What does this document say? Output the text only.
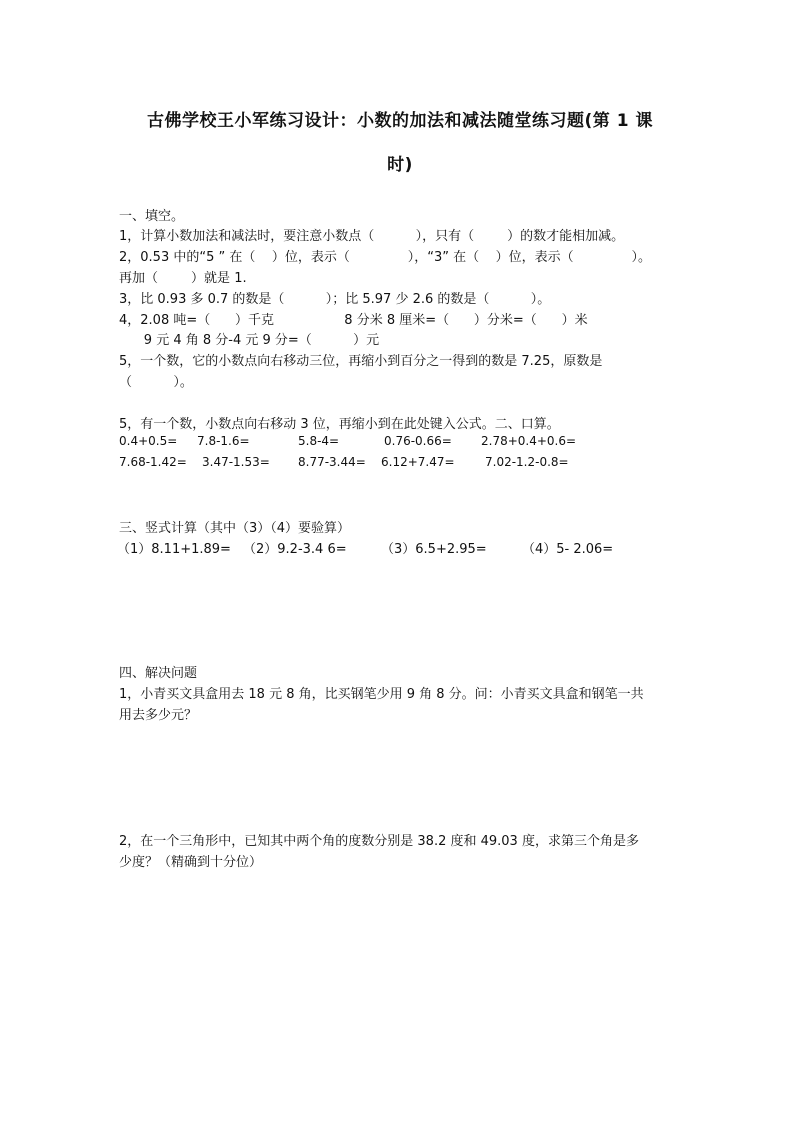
古佛学校王小军练习设计：小数的加法和减法随堂练习题(第 1 课
时)
一、填空。
1，计算小数加法和减法时，要注意小数点（          ），只有（        ）的数才能相加减。
2，0.53 中的“5 ” 在（    ）位，表示（              ），“3” 在（    ）位，表示（              ）。
再加（        ）就是 1.
3，比 0.93 多 0.7 的数是（          ）；比 5.97 少 2.6 的数是（          ）。
4，2.08 吨=（      ）千克                 8 分米 8 厘米=（      ）分米=（      ）米
9 元 4 角 8 分-4 元 9 分=（          ）元
5，一个数，它的小数点向右移动三位，再缩小到百分之一得到的数是 7.25，原数是
（          ）。
5，有一个数，小数点向右移动 3 位，再缩小到在此处键入公式。二、口算。
0.4+0.5= 7.8-1.6=	5.8-4=	0.76-0.66= 2.78+0.4+0.6=
7.68-1.42= 3.47-1.53= 8.77-3.44= 6.12+7.47=	7.02-1.2-0.8=
三、竖式计算（其中（3）（4）要验算）
（1）8.11+1.89= （2）9.2-3.4 6=	（3）6.5+2.95=	（4）5- 2.06=
四、解决问题
1，小青买文具盒用去 18 元 8 角，比买钢笔少用 9 角 8 分。问：小青买文具盒和钢笔一共
用去多少元？
2，在一个三角形中，已知其中两个角的度数分别是 38.2 度和 49.03 度，求第三个角是多
少度？（精确到十分位）
